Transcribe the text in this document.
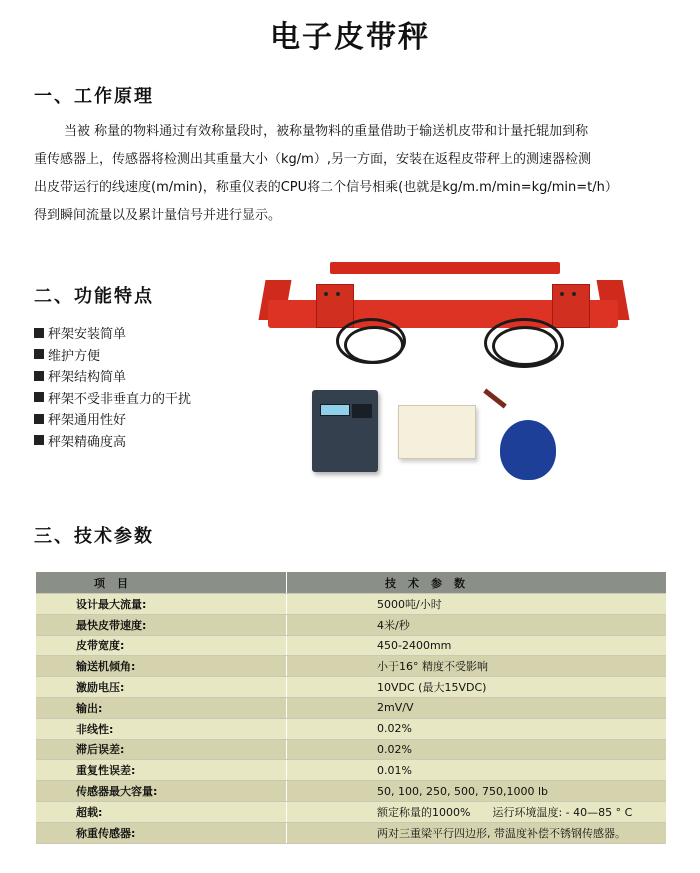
电子皮带秤
一、工作原理
当被 称量的物料通过有效称量段时，被称量物料的重量借助于输送机皮带和计量托辊加到称
重传感器上，传感器将检测出其重量大小（kg/m）,另一方面，安装在返程皮带秤上的测速器检测
出皮带运行的线速度(m/min)，称重仪表的CPU将二个信号相乘(也就是kg/m.m/min=kg/min=t/h）
得到瞬间流量以及累计量信号并进行显示。
二、功能特点
秤架安装简单
维护方便
秤架结构简单
秤架不受非垂直力的干扰
秤架通用性好
秤架精确度高
三、技术参数
项目	技术参数
设计最大流量:	5000吨/小时
最快皮带速度:	4米/秒
皮带宽度:	450-2400mm
输送机倾角:	小于16° 精度不受影响
激励电压:	10VDC (最大15VDC)
输出:	2mV/V
非线性:	0.02%
滞后误差:	0.02%
重复性误差:	0.01%
传感器最大容量:	50, 100, 250, 500, 750,1000 lb
超载:	额定称量的1000%　　运行环境温度: - 40—85 ° C
称重传感器:	两对三重梁平行四边形, 带温度补偿不锈钢传感器。
